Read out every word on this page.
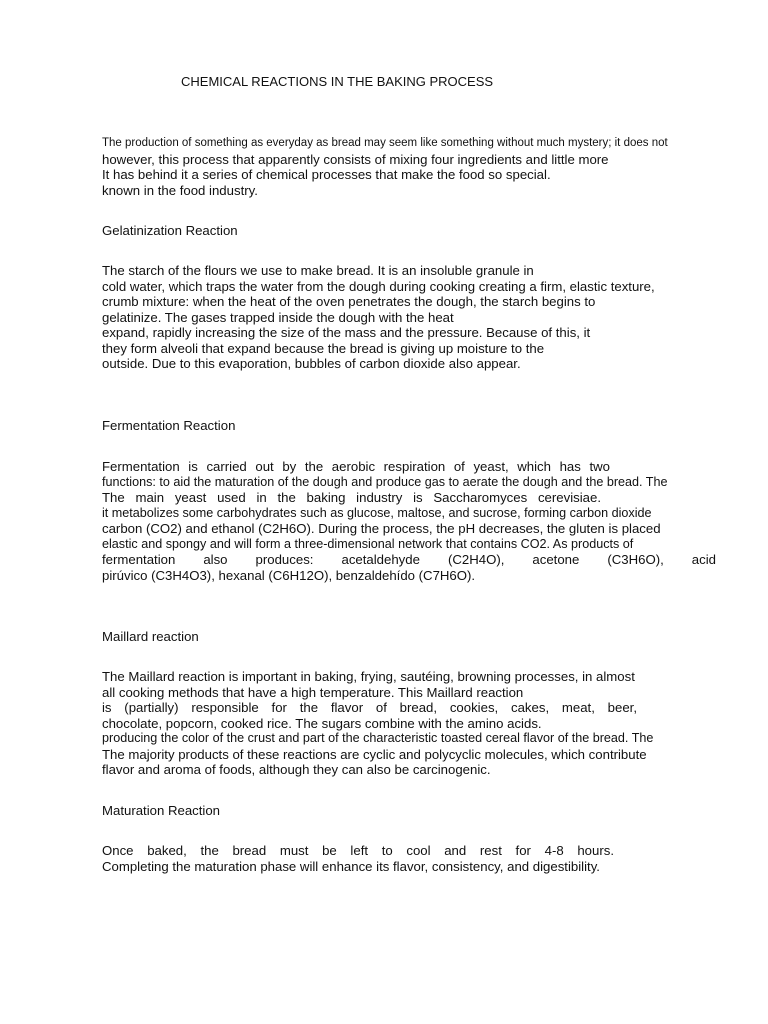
CHEMICAL REACTIONS IN THE BAKING PROCESS
The production of something as everyday as bread may seem like something without much mystery; it does not
however, this process that apparently consists of mixing four ingredients and little more
It has behind it a series of chemical processes that make the food so special.
known in the food industry.
Gelatinization Reaction
The starch of the flours we use to make bread. It is an insoluble granule in
cold water, which traps the water from the dough during cooking creating a firm, elastic texture,
crumb mixture: when the heat of the oven penetrates the dough, the starch begins to
gelatinize. The gases trapped inside the dough with the heat
expand, rapidly increasing the size of the mass and the pressure. Because of this, it
they form alveoli that expand because the bread is giving up moisture to the
outside. Due to this evaporation, bubbles of carbon dioxide also appear.
Fermentation Reaction
Fermentation is carried out by the aerobic respiration of yeast, which has two
functions: to aid the maturation of the dough and produce gas to aerate the dough and the bread. The
The main yeast used in the baking industry is Saccharomyces cerevisiae.
it metabolizes some carbohydrates such as glucose, maltose, and sucrose, forming carbon dioxide
carbon (CO2) and ethanol (C2H6O). During the process, the pH decreases, the gluten is placed
elastic and spongy and will form a three-dimensional network that contains CO2. As products of
fermentation also produces: acetaldehyde (C2H4O), acetone (C3H6O), acid
pirúvico (C3H4O3), hexanal (C6H12O), benzaldehído (C7H6O).
Maillard reaction
The Maillard reaction is important in baking, frying, sautéing, browning processes, in almost
all cooking methods that have a high temperature. This Maillard reaction
is (partially) responsible for the flavor of bread, cookies, cakes, meat, beer,
chocolate, popcorn, cooked rice. The sugars combine with the amino acids.
producing the color of the crust and part of the characteristic toasted cereal flavor of the bread. The
The majority products of these reactions are cyclic and polycyclic molecules, which contribute
flavor and aroma of foods, although they can also be carcinogenic.
Maturation Reaction
Once baked, the bread must be left to cool and rest for 4-8 hours.
Completing the maturation phase will enhance its flavor, consistency, and digestibility.
